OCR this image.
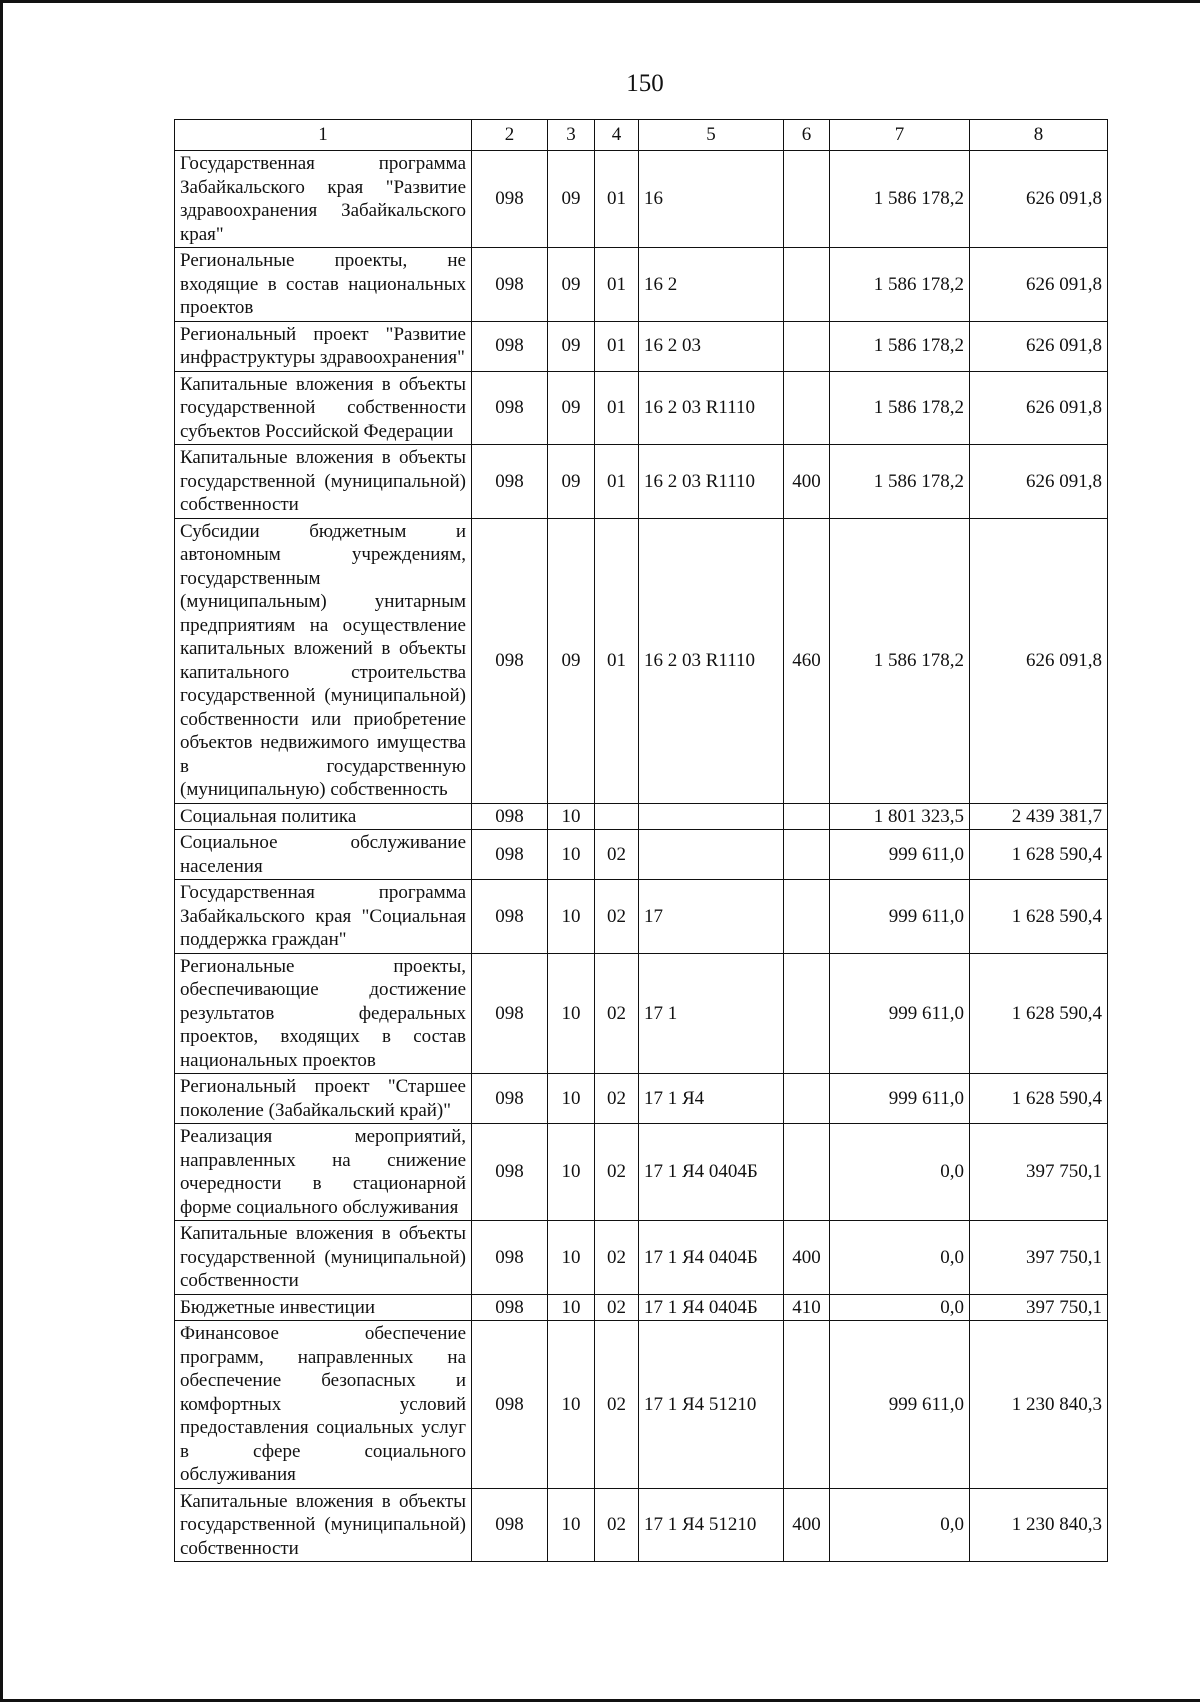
150
1	2	3	4	5	6	7	8
Государственная программа Забайкальского края "Развитие здравоохранения Забайкальского края"	098	09	01	16		1 586 178,2	626 091,8
Региональные проекты, не входящие в состав национальных проектов	098	09	01	16 2		1 586 178,2	626 091,8
Региональный проект "Развитие инфраструктуры здравоохранения"	098	09	01	16 2 03		1 586 178,2	626 091,8
Капитальные вложения в объекты государственной собственности субъектов Российской Федерации	098	09	01	16 2 03 R1110		1 586 178,2	626 091,8
Капитальные вложения в объекты государственной (муниципальной) собственности	098	09	01	16 2 03 R1110	400	1 586 178,2	626 091,8
Субсидии бюджетным и автономным учреждениям, государственным (муниципальным) унитарным предприятиям на осуществление капитальных вложений в объекты капитального строительства государственной (муниципальной) собственности или приобретение объектов недвижимого имущества в государственную (муниципальную) собственность	098	09	01	16 2 03 R1110	460	1 586 178,2	626 091,8
Социальная политика	098	10				1 801 323,5	2 439 381,7
Социальное обслуживание населения	098	10	02			999 611,0	1 628 590,4
Государственная программа Забайкальского края "Социальная поддержка граждан"	098	10	02	17		999 611,0	1 628 590,4
Региональные проекты, обеспечивающие достижение результатов федеральных проектов, входящих в состав национальных проектов	098	10	02	17 1		999 611,0	1 628 590,4
Региональный проект "Старшее поколение (Забайкальский край)"	098	10	02	17 1 Я4		999 611,0	1 628 590,4
Реализация мероприятий, направленных на снижение очередности в стационарной форме социального обслуживания	098	10	02	17 1 Я4 0404Б		0,0	397 750,1
Капитальные вложения в объекты государственной (муниципальной) собственности	098	10	02	17 1 Я4 0404Б	400	0,0	397 750,1
Бюджетные инвестиции	098	10	02	17 1 Я4 0404Б	410	0,0	397 750,1
Финансовое обеспечение программ, направленных на обеспечение безопасных и комфортных условий предоставления социальных услуг в сфере социального обслуживания	098	10	02	17 1 Я4 51210		999 611,0	1 230 840,3
Капитальные вложения в объекты государственной (муниципальной) собственности	098	10	02	17 1 Я4 51210	400	0,0	1 230 840,3
